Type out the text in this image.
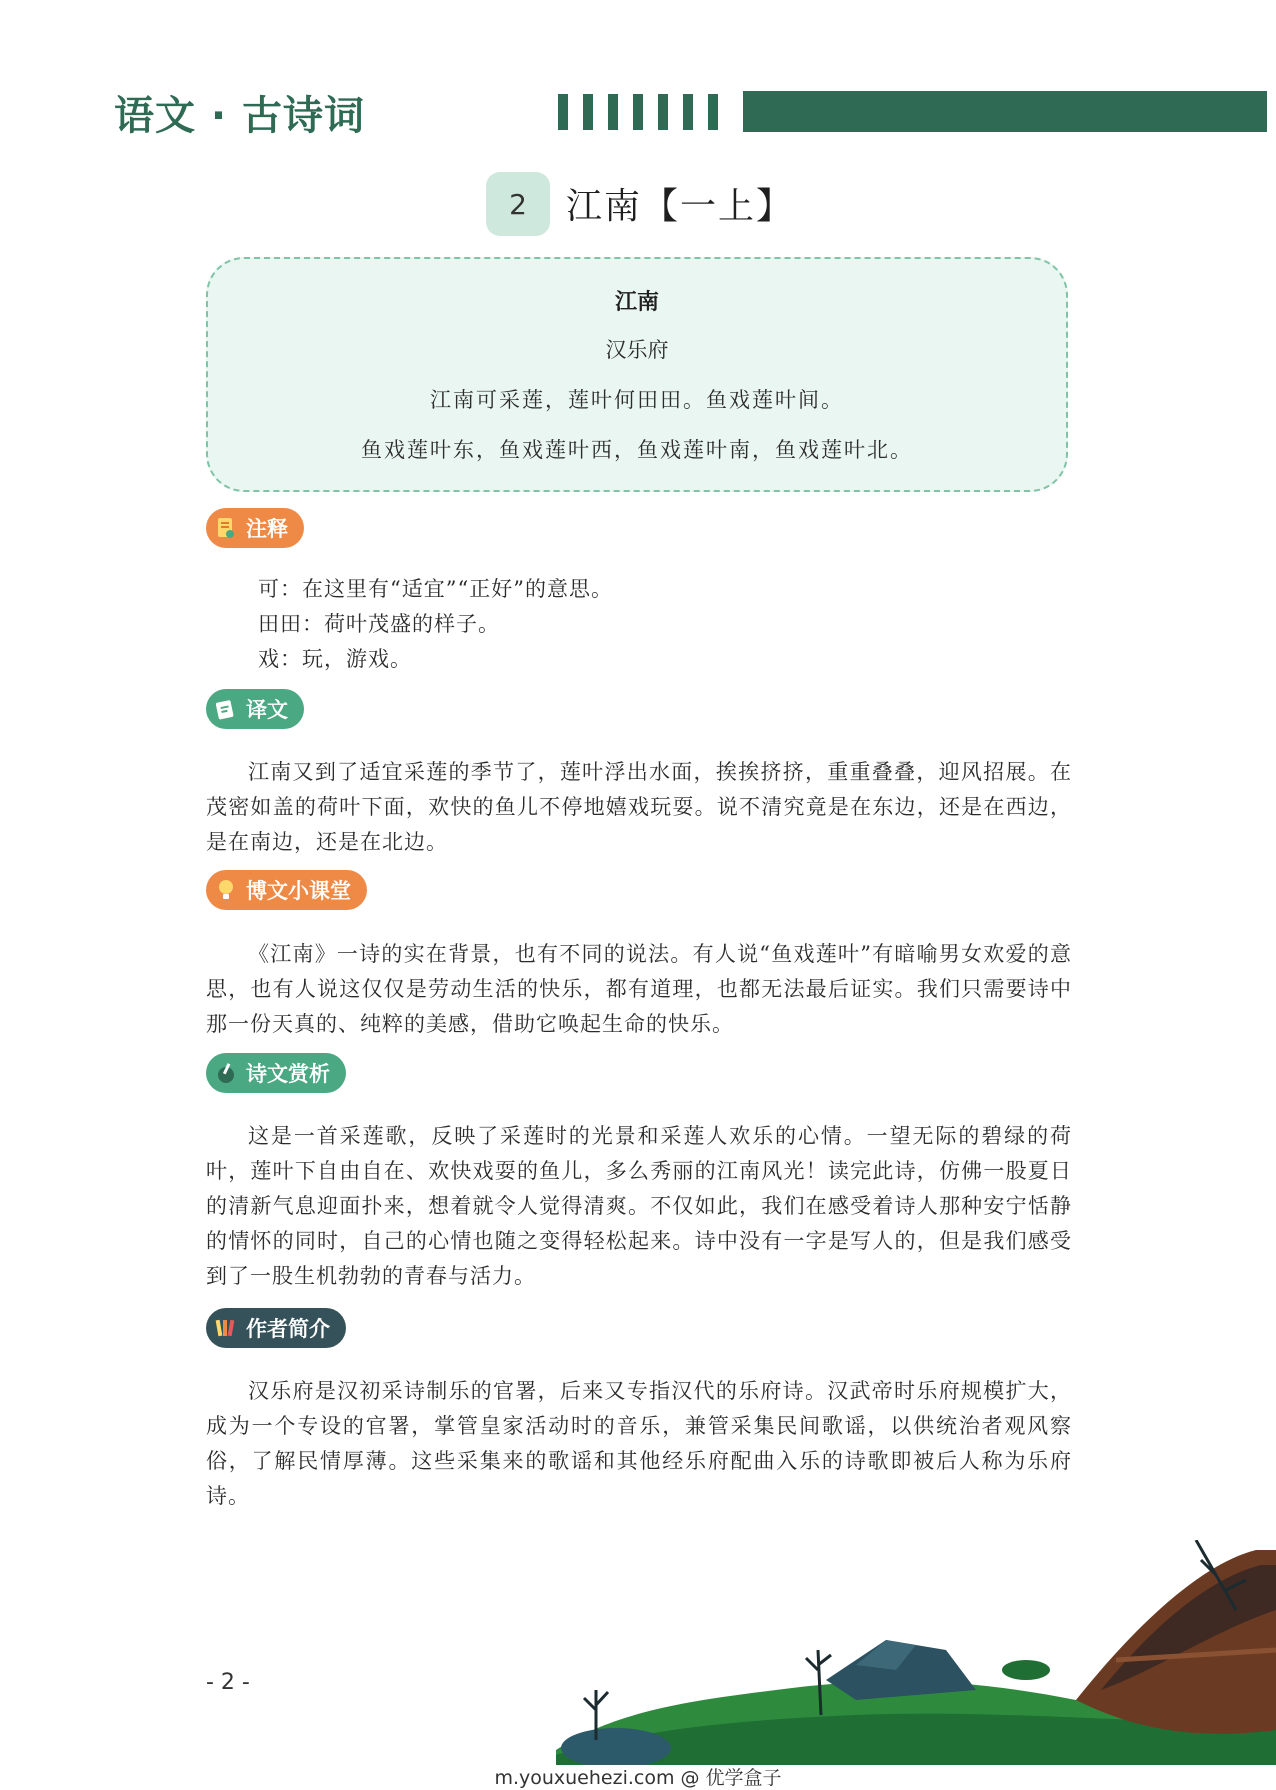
语文 · 古诗词
2	江南【一上】
江南
汉乐府
江南可采莲，莲叶何田田。鱼戏莲叶间。
鱼戏莲叶东，鱼戏莲叶西，鱼戏莲叶南，鱼戏莲叶北。
注释
可：在这里有“适宜”“正好”的意思。
田田：荷叶茂盛的样子。
戏：玩，游戏。
译文

江南又到了适宜采莲的季节了，莲叶浮出水面，挨挨挤挤，重重叠叠，迎风招展。在茂密如盖的荷叶下面，欢快的鱼儿不停地嬉戏玩耍。说不清究竟是在东边，还是在西边，是在南边，还是在北边。

博文小课堂

《江南》一诗的实在背景，也有不同的说法。有人说“鱼戏莲叶”有暗喻男女欢爱的意思，也有人说这仅仅是劳动生活的快乐，都有道理，也都无法最后证实。我们只需要诗中那一份天真的、纯粹的美感，借助它唤起生命的快乐。

诗文赏析

这是一首采莲歌，反映了采莲时的光景和采莲人欢乐的心情。一望无际的碧绿的荷叶，莲叶下自由自在、欢快戏耍的鱼儿，多么秀丽的江南风光！读完此诗，仿佛一股夏日的清新气息迎面扑来，想着就令人觉得清爽。不仅如此，我们在感受着诗人那种安宁恬静的情怀的同时，自己的心情也随之变得轻松起来。诗中没有一字是写人的，但是我们感受到了一股生机勃勃的青春与活力。

作者简介

汉乐府是汉初采诗制乐的官署，后来又专指汉代的乐府诗。汉武帝时乐府规模扩大，成为一个专设的官署，掌管皇家活动时的音乐，兼管采集民间歌谣，以供统治者观风察俗，了解民情厚薄。这些采集来的歌谣和其他经乐府配曲入乐的诗歌即被后人称为乐府诗。

- 2 -
m.youxuehezi.com @ 优学盒子
